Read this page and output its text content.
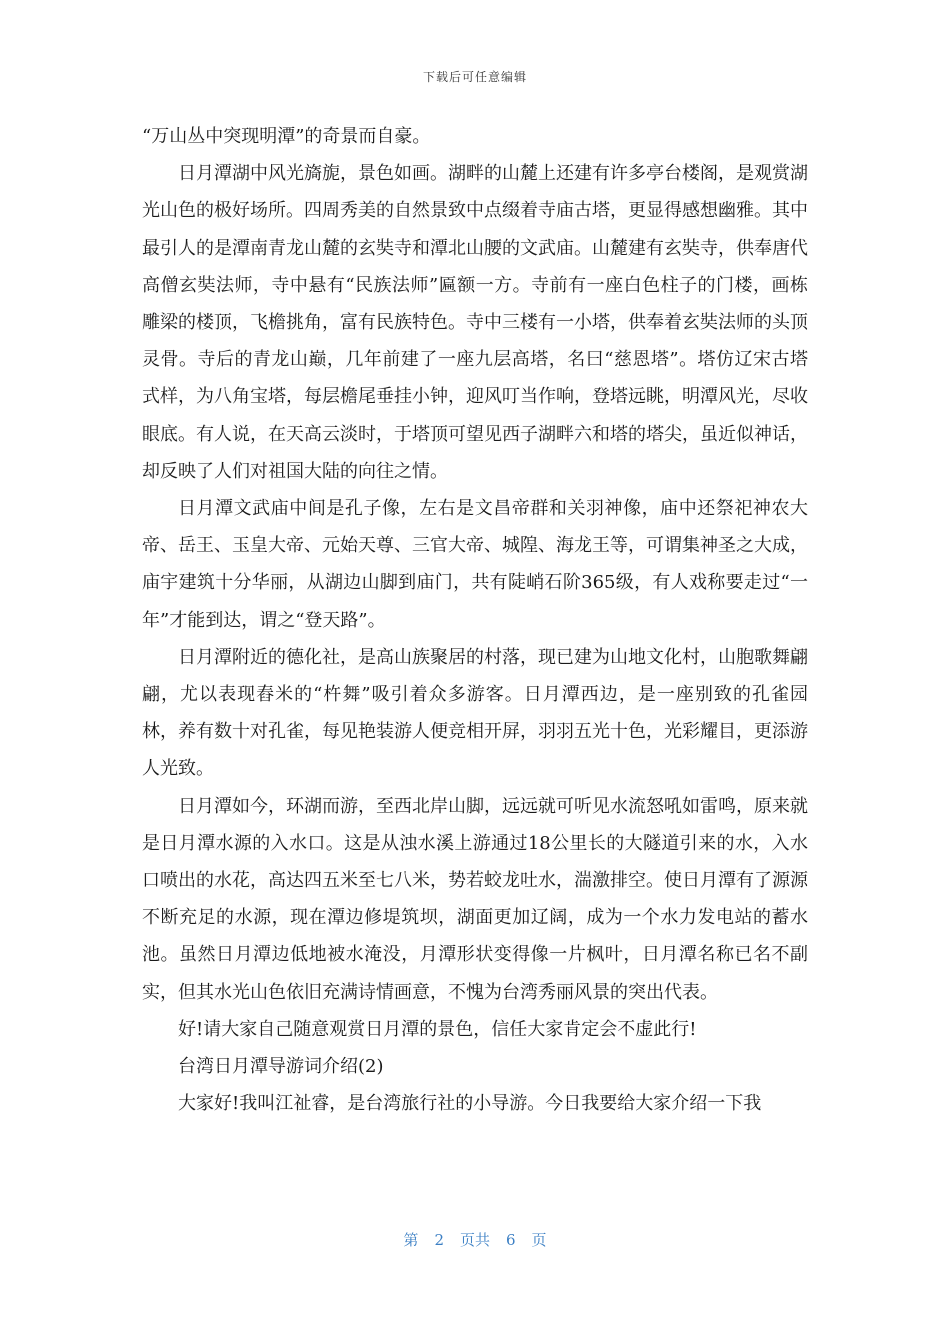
下载后可任意编辑

“万山丛中突现明潭”的奇景而自豪。

日月潭湖中风光旖旎，景色如画。湖畔的山麓上还建有许多亭台楼阁，是观赏湖光山色的极好场所。四周秀美的自然景致中点缀着寺庙古塔，更显得感想幽雅。其中最引人的是潭南青龙山麓的玄奘寺和潭北山腰的文武庙。山麓建有玄奘寺，供奉唐代高僧玄奘法师，寺中悬有“民族法师”匾额一方。寺前有一座白色柱子的门楼，画栋雕梁的楼顶，飞檐挑角，富有民族特色。寺中三楼有一小塔，供奉着玄奘法师的头顶灵骨。寺后的青龙山巅，几年前建了一座九层高塔，名曰“慈恩塔”。塔仿辽宋古塔式样，为八角宝塔，每层檐尾垂挂小钟，迎风叮当作响，登塔远眺，明潭风光，尽收眼底。有人说，在天高云淡时，于塔顶可望见西子湖畔六和塔的塔尖，虽近似神话，却反映了人们对祖国大陆的向往之情。

日月潭文武庙中间是孔子像，左右是文昌帝群和关羽神像，庙中还祭祀神农大帝、岳王、玉皇大帝、元始天尊、三官大帝、城隍、海龙王等，可谓集神圣之大成，庙宇建筑十分华丽，从湖边山脚到庙门，共有陡峭石阶365级，有人戏称要走过“一年”才能到达，谓之“登天路”。

日月潭附近的德化社，是高山族聚居的村落，现已建为山地文化村，山胞歌舞翩翩，尤以表现舂米的“杵舞”吸引着众多游客。日月潭西边，是一座别致的孔雀园林，养有数十对孔雀，每见艳装游人便竞相开屏，羽羽五光十色，光彩耀目，更添游人光致。

日月潭如今，环湖而游，至西北岸山脚，远远就可听见水流怒吼如雷鸣，原来就是日月潭水源的入水口。这是从浊水溪上游通过18公里长的大隧道引来的水，入水口喷出的水花，高达四五米至七八米，势若蛟龙吐水，湍激排空。使日月潭有了源源不断充足的水源，现在潭边修堤筑坝，湖面更加辽阔，成为一个水力发电站的蓄水池。虽然日月潭边低地被水淹没，月潭形状变得像一片枫叶，日月潭名称已名不副实，但其水光山色依旧充满诗情画意，不愧为台湾秀丽风景的突出代表。

好!请大家自己随意观赏日月潭的景色，信任大家肯定会不虚此行!

台湾日月潭导游词介绍(2)

大家好!我叫江祉睿，是台湾旅行社的小导游。今日我要给大家介绍一下我

第 2 页共 6 页
